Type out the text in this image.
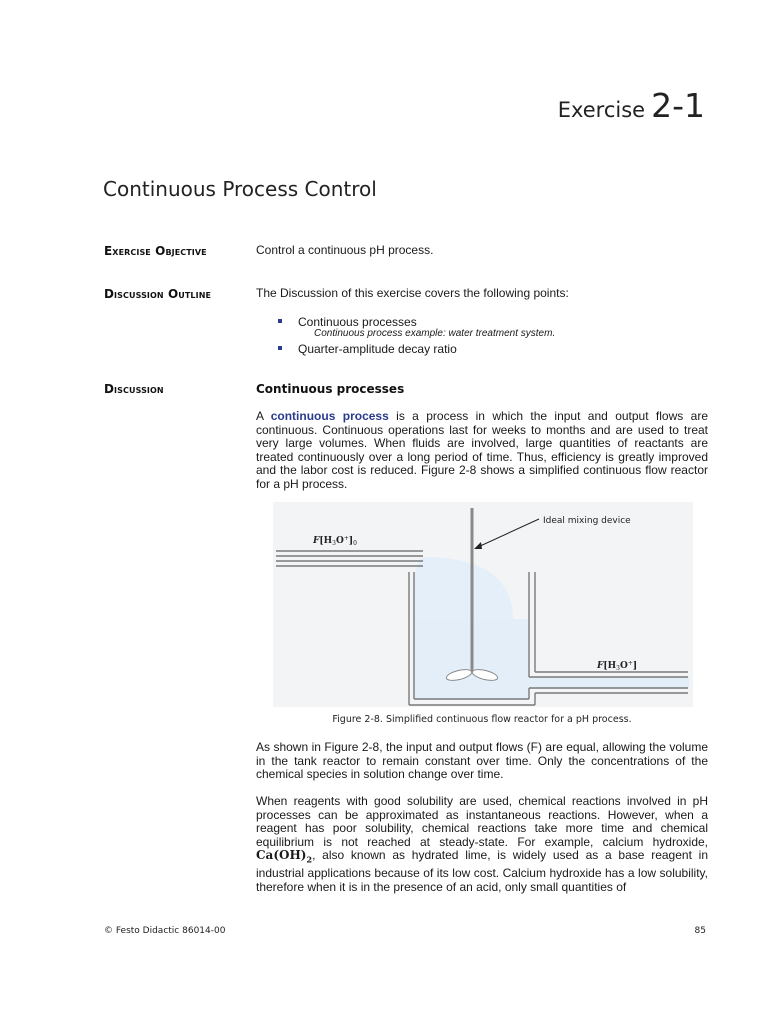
Exercise 2-1
Continuous Process Control
Exercise Objective	Control a continuous pH process.
Discussion Outline	The Discussion of this exercise covers the following points:
Continuous processes
Continuous process example: water treatment system.
Quarter-amplitude decay ratio
Discussion	Continuous processes
A continuous process is a process in which the input and output flows are continuous. Continuous operations last for weeks to months and are used to treat very large volumes. When fluids are involved, large quantities of reactants are treated continuously over a long period of time. Thus, efficiency is greatly improved and the labor cost is reduced. Figure 2-8 shows a simplified continuous flow reactor for a pH process.
Ideal mixing device
$F[H_3O^+]_0$
$F[H_3O^+]$
Figure 2-8. Simplified continuous flow reactor for a pH process.
As shown in Figure 2-8, the input and output flows (F) are equal, allowing the volume in the tank reactor to remain constant over time. Only the concentrations of the chemical species in solution change over time.
When reagents with good solubility are used, chemical reactions involved in pH processes can be approximated as instantaneous reactions. However, when a reagent has poor solubility, chemical reactions take more time and chemical equilibrium is not reached at steady-state. For example, calcium hydroxide, $Ca(OH)_2$, also known as hydrated lime, is widely used as a base reagent in industrial applications because of its low cost. Calcium hydroxide has a low solubility, therefore when it is in the presence of an acid, only small quantities of
© Festo Didactic 86014-00	85
